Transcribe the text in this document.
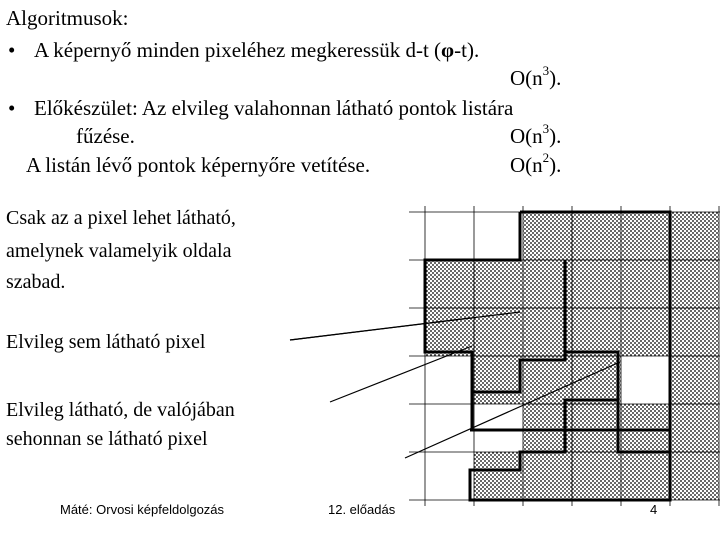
Algoritmusok:
• A képernyő minden pixeléhez megkeressük d-t (φ-t).
$O(n^3)$.
• Előkészület: Az elvileg valahonnan látható pontok listára
fűzése.	$O(n^3)$.
A listán lévő pontok képernyőre vetítése.	$O(n^2)$.
Csak az a pixel lehet látható,
amelynek valamelyik oldala
szabad.
Elvileg sem látható pixel
Elvileg látható, de valójában
sehonnan se látható pixel
Máté: Orvosi képfeldolgozás	12. előadás	4
